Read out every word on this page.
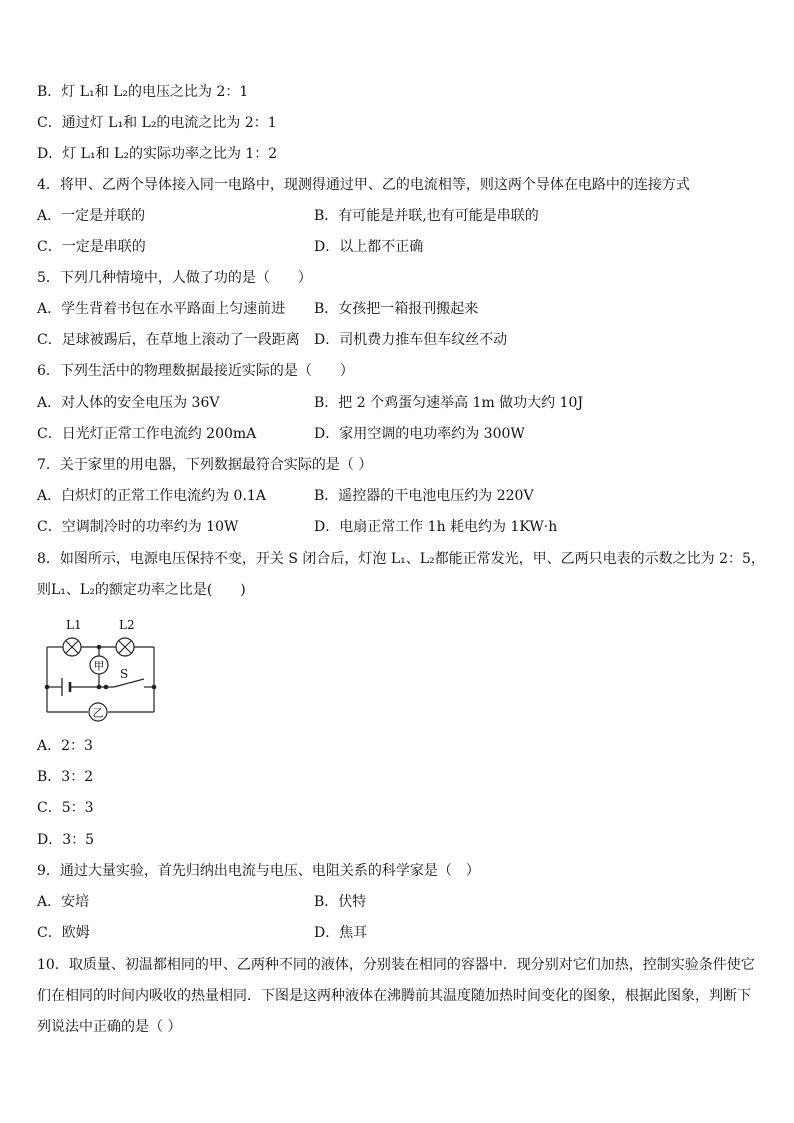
B．灯 L₁和 L₂的电压之比为 2：1
C．通过灯 L₁和 L₂的电流之比为 2：1
D．灯 L₁和 L₂的实际功率之比为 1：2
4．将甲、乙两个导体接入同一电路中，现测得通过甲、乙的电流相等，则这两个导体在电路中的连接方式
A．一定是并联的	B．有可能是并联,也有可能是串联的
C．一定是串联的	D．以上都不正确
5．下列几种情境中，人做了功的是（　　）
A．学生背着书包在水平路面上匀速前进 B．女孩把一箱报刊搬起来
C．足球被踢后，在草地上滚动了一段距离 D．司机费力推车但车纹丝不动
6．下列生活中的物理数据最接近实际的是（　　）
A．对人体的安全电压为 36V	B．把 2 个鸡蛋匀速举高 1m 做功大约 10J
C．日光灯正常工作电流约 200mA	D．家用空调的电功率约为 300W
7．关于家里的用电器，下列数据最符合实际的是（ ）
A．白炽灯的正常工作电流约为 0.1A	B．遥控器的干电池电压约为 220V
C．空调制冷时的功率约为 10W	D．电扇正常工作 1h 耗电约为 1KW·h
8．如图所示，电源电压保持不变，开关 S 闭合后，灯泡 L₁、L₂都能正常发光，甲、乙两只电表的示数之比为 2：5，
则L₁、L₂的额定功率之比是(　　)
甲
乙
L1	L2
S
A．2：3
B．3：2
C．5：3
D．3：5
9．通过大量实验，首先归纳出电流与电压、电阻关系的科学家是（　）
A．安培	B．伏特
C．欧姆	D．焦耳
10．取质量、初温都相同的甲、乙两种不同的液体，分别装在相同的容器中．现分别对它们加热，控制实验条件使它
们在相同的时间内吸收的热量相同．下图是这两种液体在沸腾前其温度随加热时间变化的图象，根据此图象，判断下
列说法中正确的是（ ）
